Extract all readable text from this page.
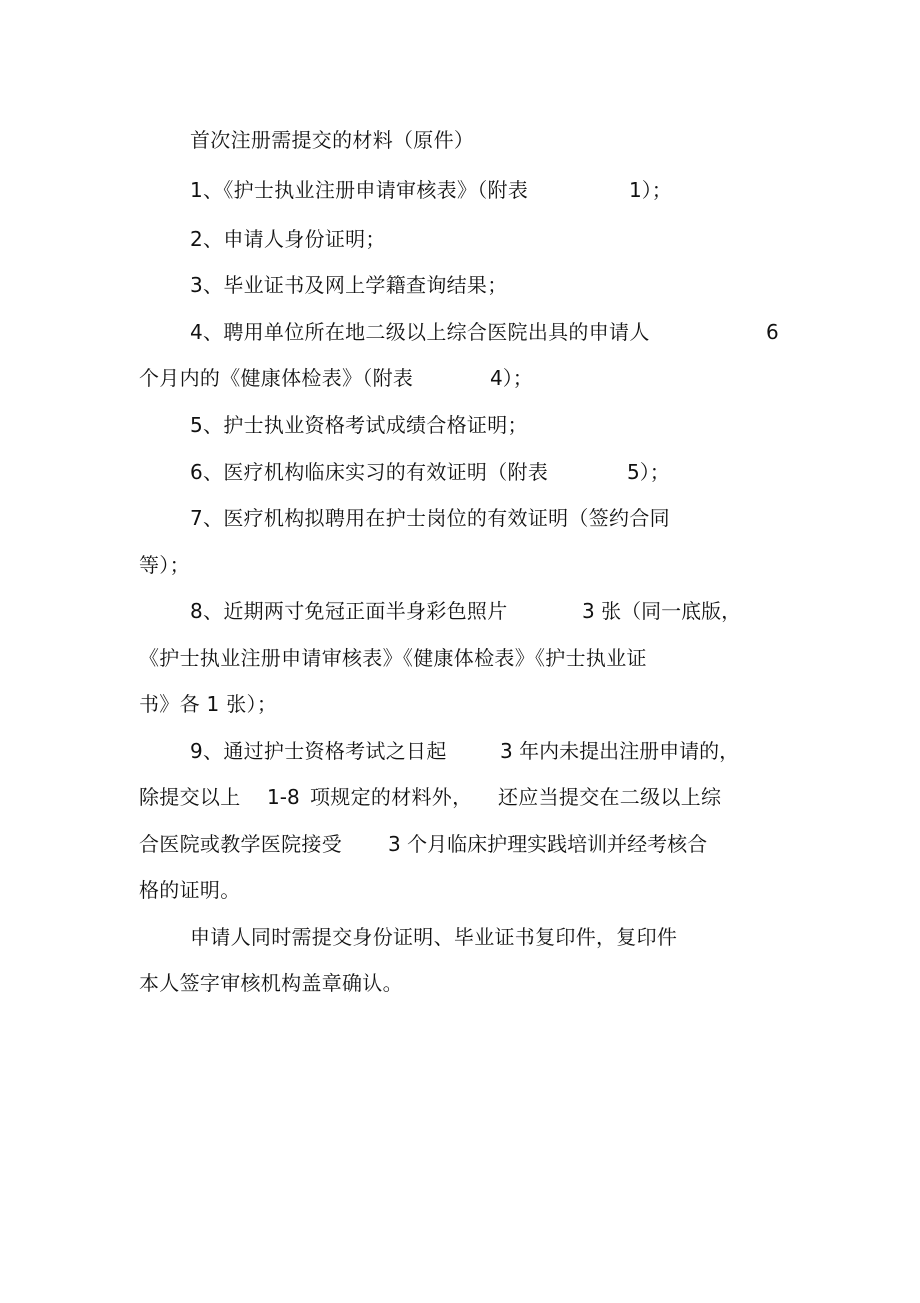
首次注册需提交的材料（原件）
1、《护士执业注册申请审核表》（附表	1）；
2、申请人身份证明；
3、毕业证书及网上学籍查询结果；
4、聘用单位所在地二级以上综合医院出具的申请人	6
个月内的《健康体检表》（附表	4）；
5、护士执业资格考试成绩合格证明；
6、医疗机构临床实习的有效证明（附表	5）；
7、医疗机构拟聘用在护士岗位的有效证明（签约合同
等）；
8、近期两寸免冠正面半身彩色照片	3 张（同一底版，
《护士执业注册申请审核表》《健康体检表》《护士执业证
书》各 1 张）；
9、通过护士资格考试之日起	3 年内未提出注册申请的，
除提交以上 1-8 项规定的材料外， 还应当提交在二级以上综
合医院或教学医院接受 3 个月临床护理实践培训并经考核合
格的证明。
申请人同时需提交身份证明、毕业证书复印件，复印件
本人签字审核机构盖章确认。
